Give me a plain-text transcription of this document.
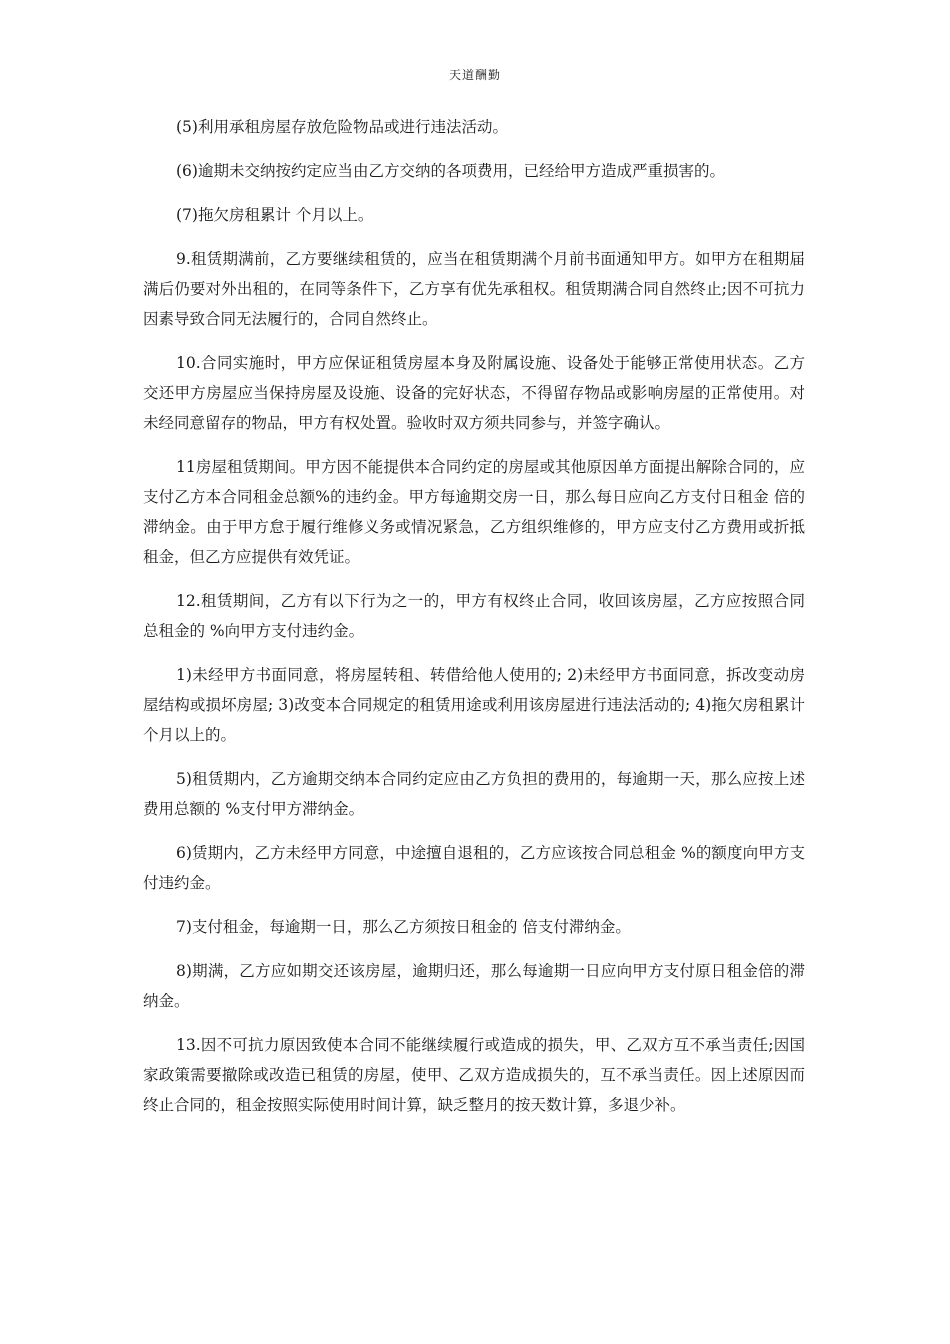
天道酬勤

(5)利用承租房屋存放危险物品或进行违法活动。

(6)逾期未交纳按约定应当由乙方交纳的各项费用，已经给甲方造成严重损害的。

(7)拖欠房租累计 个月以上。

9.租赁期满前，乙方要继续租赁的，应当在租赁期满个月前书面通知甲方。如甲方在租期届满后仍要对外出租的，在同等条件下，乙方享有优先承租权。租赁期满合同自然终止;因不可抗力因素导致合同无法履行的，合同自然终止。

10.合同实施时，甲方应保证租赁房屋本身及附属设施、设备处于能够正常使用状态。乙方交还甲方房屋应当保持房屋及设施、设备的完好状态，不得留存物品或影响房屋的正常使用。对未经同意留存的物品，甲方有权处置。验收时双方须共同参与，并签字确认。

11房屋租赁期间。甲方因不能提供本合同约定的房屋或其他原因单方面提出解除合同的，应支付乙方本合同租金总额%的违约金。甲方每逾期交房一日，那么每日应向乙方支付日租金 倍的滞纳金。由于甲方怠于履行维修义务或情况紧急，乙方组织维修的，甲方应支付乙方费用或折抵租金，但乙方应提供有效凭证。

12.租赁期间，乙方有以下行为之一的，甲方有权终止合同，收回该房屋，乙方应按照合同总租金的 %向甲方支付违约金。

1)未经甲方书面同意，将房屋转租、转借给他人使用的; 2)未经甲方书面同意，拆改变动房屋结构或损坏房屋; 3)改变本合同规定的租赁用途或利用该房屋进行违法活动的; 4)拖欠房租累计 个月以上的。

5)租赁期内，乙方逾期交纳本合同约定应由乙方负担的费用的，每逾期一天，那么应按上述费用总额的 %支付甲方滞纳金。

6)赁期内，乙方未经甲方同意，中途擅自退租的，乙方应该按合同总租金 %的额度向甲方支付违约金。

7)支付租金，每逾期一日，那么乙方须按日租金的 倍支付滞纳金。

8)期满，乙方应如期交还该房屋，逾期归还，那么每逾期一日应向甲方支付原日租金倍的滞纳金。

13.因不可抗力原因致使本合同不能继续履行或造成的损失，甲、乙双方互不承当责任;因国家政策需要撤除或改造已租赁的房屋，使甲、乙双方造成损失的，互不承当责任。因上述原因而终止合同的，租金按照实际使用时间计算，缺乏整月的按天数计算，多退少补。
